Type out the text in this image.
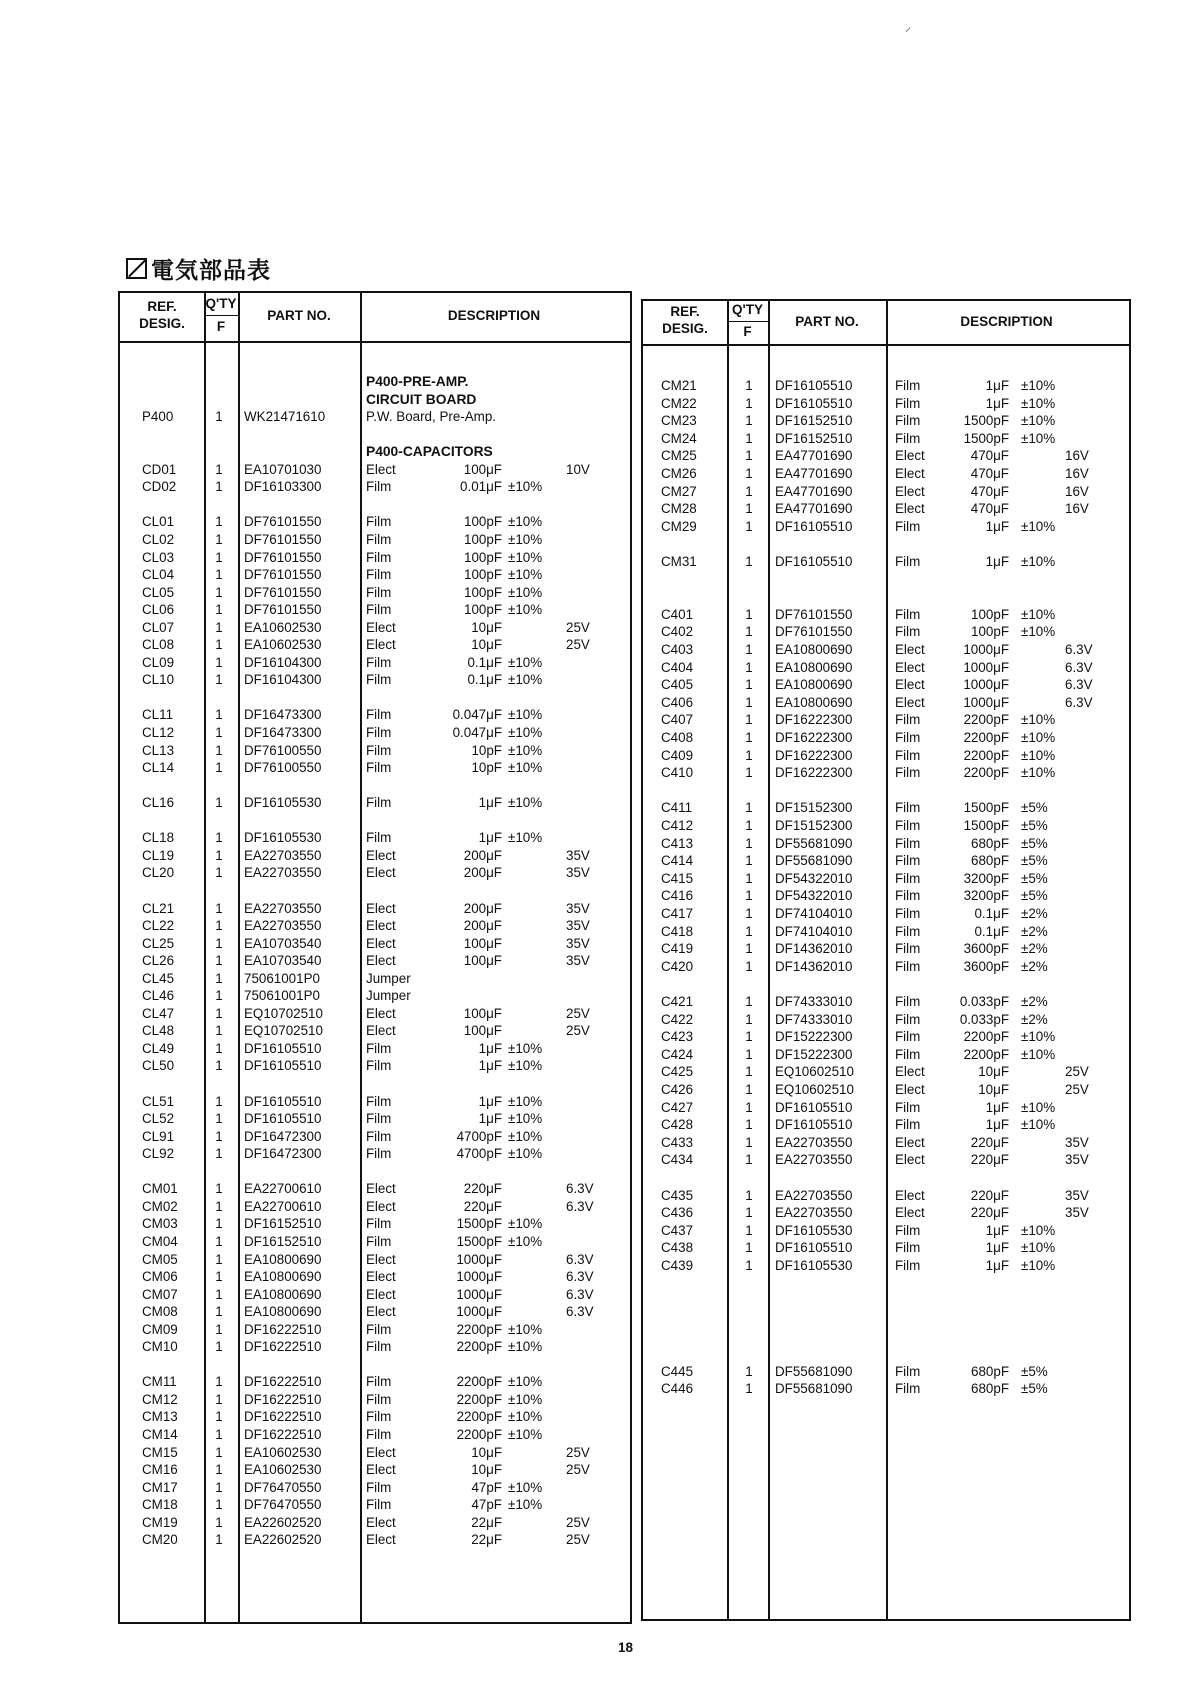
電気部品表
REF.
DESIG.
Q'TY
F
PART NO.	DESCRIPTION
P400-PRE-AMP.
CIRCUIT BOARD
P400	1	WK21471610	P.W. Board, Pre-Amp.
P400-CAPACITORS
CD01	1	EA10701030	Elect	100μF	10V
CD02	1	DF16103300	Film	0.01μF ±10%
CL01	1	DF76101550	Film	100pF ±10%
CL02	1	DF76101550	Film	100pF ±10%
CL03	1	DF76101550	Film	100pF ±10%
CL04	1	DF76101550	Film	100pF ±10%
CL05	1	DF76101550	Film	100pF ±10%
CL06	1	DF76101550	Film	100pF ±10%
CL07	1	EA10602530	Elect	10μF	25V
CL08	1	EA10602530	Elect	10μF	25V
CL09	1	DF16104300	Film	0.1μF ±10%
CL10	1	DF16104300	Film	0.1μF ±10%
CL11	1	DF16473300	Film	0.047μF ±10%
CL12	1	DF16473300	Film	0.047μF ±10%
CL13	1	DF76100550	Film	10pF ±10%
CL14	1	DF76100550	Film	10pF ±10%
CL16	1	DF16105530	Film	1μF ±10%
CL18	1	DF16105530	Film	1μF ±10%
CL19	1	EA22703550	Elect	200μF	35V
CL20	1	EA22703550	Elect	200μF	35V
CL21	1	EA22703550	Elect	200μF	35V
CL22	1	EA22703550	Elect	200μF	35V
CL25	1	EA10703540	Elect	100μF	35V
CL26	1	EA10703540	Elect	100μF	35V
CL45	1	75061001P0	Jumper
CL46	1	75061001P0	Jumper
CL47	1	EQ10702510	Elect	100μF	25V
CL48	1	EQ10702510	Elect	100μF	25V
CL49	1	DF16105510	Film	1μF ±10%
CL50	1	DF16105510	Film	1μF ±10%
CL51	1	DF16105510	Film	1μF ±10%
CL52	1	DF16105510	Film	1μF ±10%
CL91	1	DF16472300	Film	4700pF ±10%
CL92	1	DF16472300	Film	4700pF ±10%
CM01	1	EA22700610	Elect	220μF	6.3V
CM02	1	EA22700610	Elect	220μF	6.3V
CM03	1	DF16152510	Film	1500pF ±10%
CM04	1	DF16152510	Film	1500pF ±10%
CM05	1	EA10800690	Elect	1000μF	6.3V
CM06	1	EA10800690	Elect	1000μF	6.3V
CM07	1	EA10800690	Elect	1000μF	6.3V
CM08	1	EA10800690	Elect	1000μF	6.3V
CM09	1	DF16222510	Film	2200pF ±10%
CM10	1	DF16222510	Film	2200pF ±10%
CM11	1	DF16222510	Film	2200pF ±10%
CM12	1	DF16222510	Film	2200pF ±10%
CM13	1	DF16222510	Film	2200pF ±10%
CM14	1	DF16222510	Film	2200pF ±10%
CM15	1	EA10602530	Elect	10μF	25V
CM16	1	EA10602530	Elect	10μF	25V
CM17	1	DF76470550	Film	47pF ±10%
CM18	1	DF76470550	Film	47pF ±10%
CM19	1	EA22602520	Elect	22μF	25V
CM20	1	EA22602520	Elect	22μF	25V
REF.
DESIG.
Q'TY
F
PART NO.	DESCRIPTION
CM21	1	DF16105510	Film	1μF ±10%
CM22	1	DF16105510	Film	1μF ±10%
CM23	1	DF16152510	Film	1500pF ±10%
CM24	1	DF16152510	Film	1500pF ±10%
CM25	1	EA47701690	Elect	470μF	16V
CM26	1	EA47701690	Elect	470μF	16V
CM27	1	EA47701690	Elect	470μF	16V
CM28	1	EA47701690	Elect	470μF	16V
CM29	1	DF16105510	Film	1μF ±10%
CM31	1	DF16105510	Film	1μF ±10%
C401	1	DF76101550	Film	100pF ±10%
C402	1	DF76101550	Film	100pF ±10%
C403	1	EA10800690	Elect	1000μF	6.3V
C404	1	EA10800690	Elect	1000μF	6.3V
C405	1	EA10800690	Elect	1000μF	6.3V
C406	1	EA10800690	Elect	1000μF	6.3V
C407	1	DF16222300	Film	2200pF ±10%
C408	1	DF16222300	Film	2200pF ±10%
C409	1	DF16222300	Film	2200pF ±10%
C410	1	DF16222300	Film	2200pF ±10%
C411	1	DF15152300	Film	1500pF ±5%
C412	1	DF15152300	Film	1500pF ±5%
C413	1	DF55681090	Film	680pF ±5%
C414	1	DF55681090	Film	680pF ±5%
C415	1	DF54322010	Film	3200pF ±5%
C416	1	DF54322010	Film	3200pF ±5%
C417	1	DF74104010	Film	0.1μF ±2%
C418	1	DF74104010	Film	0.1μF ±2%
C419	1	DF14362010	Film	3600pF ±2%
C420	1	DF14362010	Film	3600pF ±2%
C421	1	DF74333010	Film	0.033pF ±2%
C422	1	DF74333010	Film	0.033pF ±2%
C423	1	DF15222300	Film	2200pF ±10%
C424	1	DF15222300	Film	2200pF ±10%
C425	1	EQ10602510	Elect	10μF	25V
C426	1	EQ10602510	Elect	10μF	25V
C427	1	DF16105510	Film	1μF ±10%
C428	1	DF16105510	Film	1μF ±10%
C433	1	EA22703550	Elect	220μF	35V
C434	1	EA22703550	Elect	220μF	35V
C435	1	EA22703550	Elect	220μF	35V
C436	1	EA22703550	Elect	220μF	35V
C437	1	DF16105530	Film	1μF ±10%
C438	1	DF16105510	Film	1μF ±10%
C439	1	DF16105530	Film	1μF ±10%
C445	1	DF55681090	Film	680pF ±5%
C446	1	DF55681090	Film	680pF ±5%
18
⸝
